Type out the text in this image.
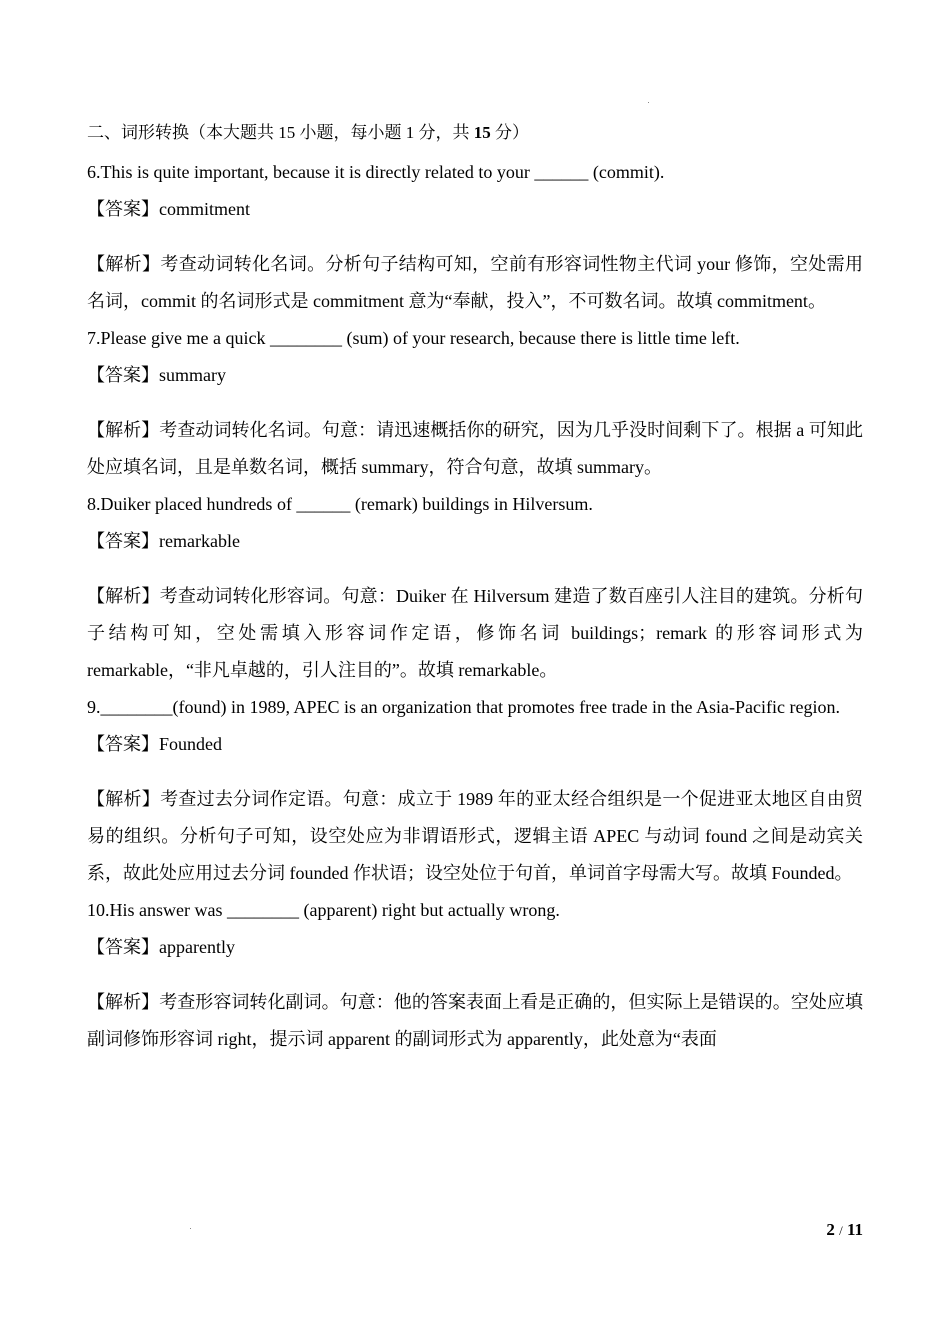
二、词形转换（本大题共 15 小题，每小题 1 分，共 15 分）
6.This is quite important, because it is directly related to your ______ (commit).
【答案】commitment
【解析】考查动词转化名词。分析句子结构可知，空前有形容词性物主代词 your 修饰，空处需用名词，commit 的名词形式是 commitment 意为“奉献，投入”，不可数名词。故填 commitment。
7.Please give me a quick ________ (sum) of your research, because there is little time left.
【答案】summary
【解析】考查动词转化名词。句意：请迅速概括你的研究，因为几乎没时间剩下了。根据 a 可知此处应填名词，且是单数名词，概括 summary，符合句意，故填 summary。
8.Duiker placed hundreds of ______ (remark) buildings in Hilversum.
【答案】remarkable
【解析】考查动词转化形容词。句意：Duiker 在 Hilversum 建造了数百座引人注目的建筑。分析句子结构可知，空处需填入形容词作定语，修饰名词 buildings；remark 的形容词形式为 remarkable，“非凡卓越的，引人注目的”。故填 remarkable。
9.________(found) in 1989, APEC is an organization that promotes free trade in the Asia-Pacific region.
【答案】Founded
【解析】考查过去分词作定语。句意：成立于 1989 年的亚太经合组织是一个促进亚太地区自由贸易的组织。分析句子可知，设空处应为非谓语形式，逻辑主语 APEC 与动词 found 之间是动宾关系，故此处应用过去分词 founded 作状语；设空处位于句首，单词首字母需大写。故填 Founded。
10.His answer was ________ (apparent) right but actually wrong.
【答案】apparently
【解析】考查形容词转化副词。句意：他的答案表面上看是正确的，但实际上是错误的。空处应填副词修饰形容词 right，提示词 apparent 的副词形式为 apparently，此处意为“表面
2 / 11
